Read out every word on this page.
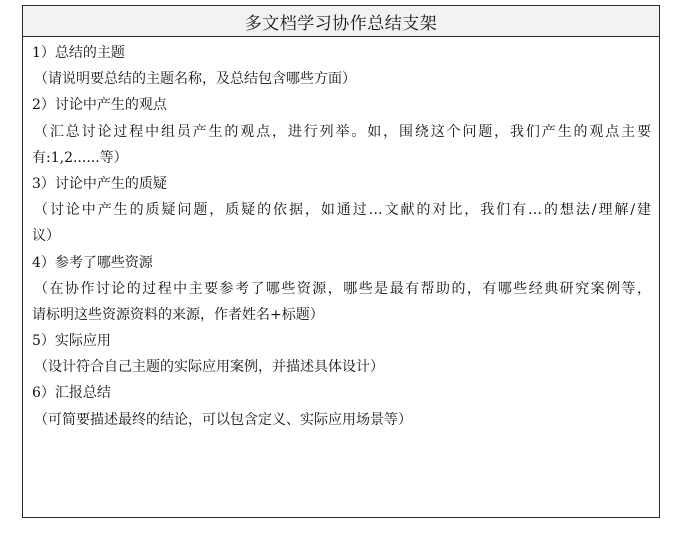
多文档学习协作总结支架
1）总结的主题
（请说明要总结的主题名称，及总结包含哪些方面）
2）讨论中产生的观点
（汇总讨论过程中组员产生的观点，进行列举。如，围绕这个问题，我们产生的观点主要
有:1,2......等）
3）讨论中产生的质疑
（讨论中产生的质疑问题，质疑的依据，如通过…文献的对比，我们有…的想法/理解/建
议）
4）参考了哪些资源
（在协作讨论的过程中主要参考了哪些资源，哪些是最有帮助的，有哪些经典研究案例等，
请标明这些资源资料的来源，作者姓名+标题）
5）实际应用
（设计符合自己主题的实际应用案例，并描述具体设计）
6）汇报总结
（可简要描述最终的结论，可以包含定义、实际应用场景等）
